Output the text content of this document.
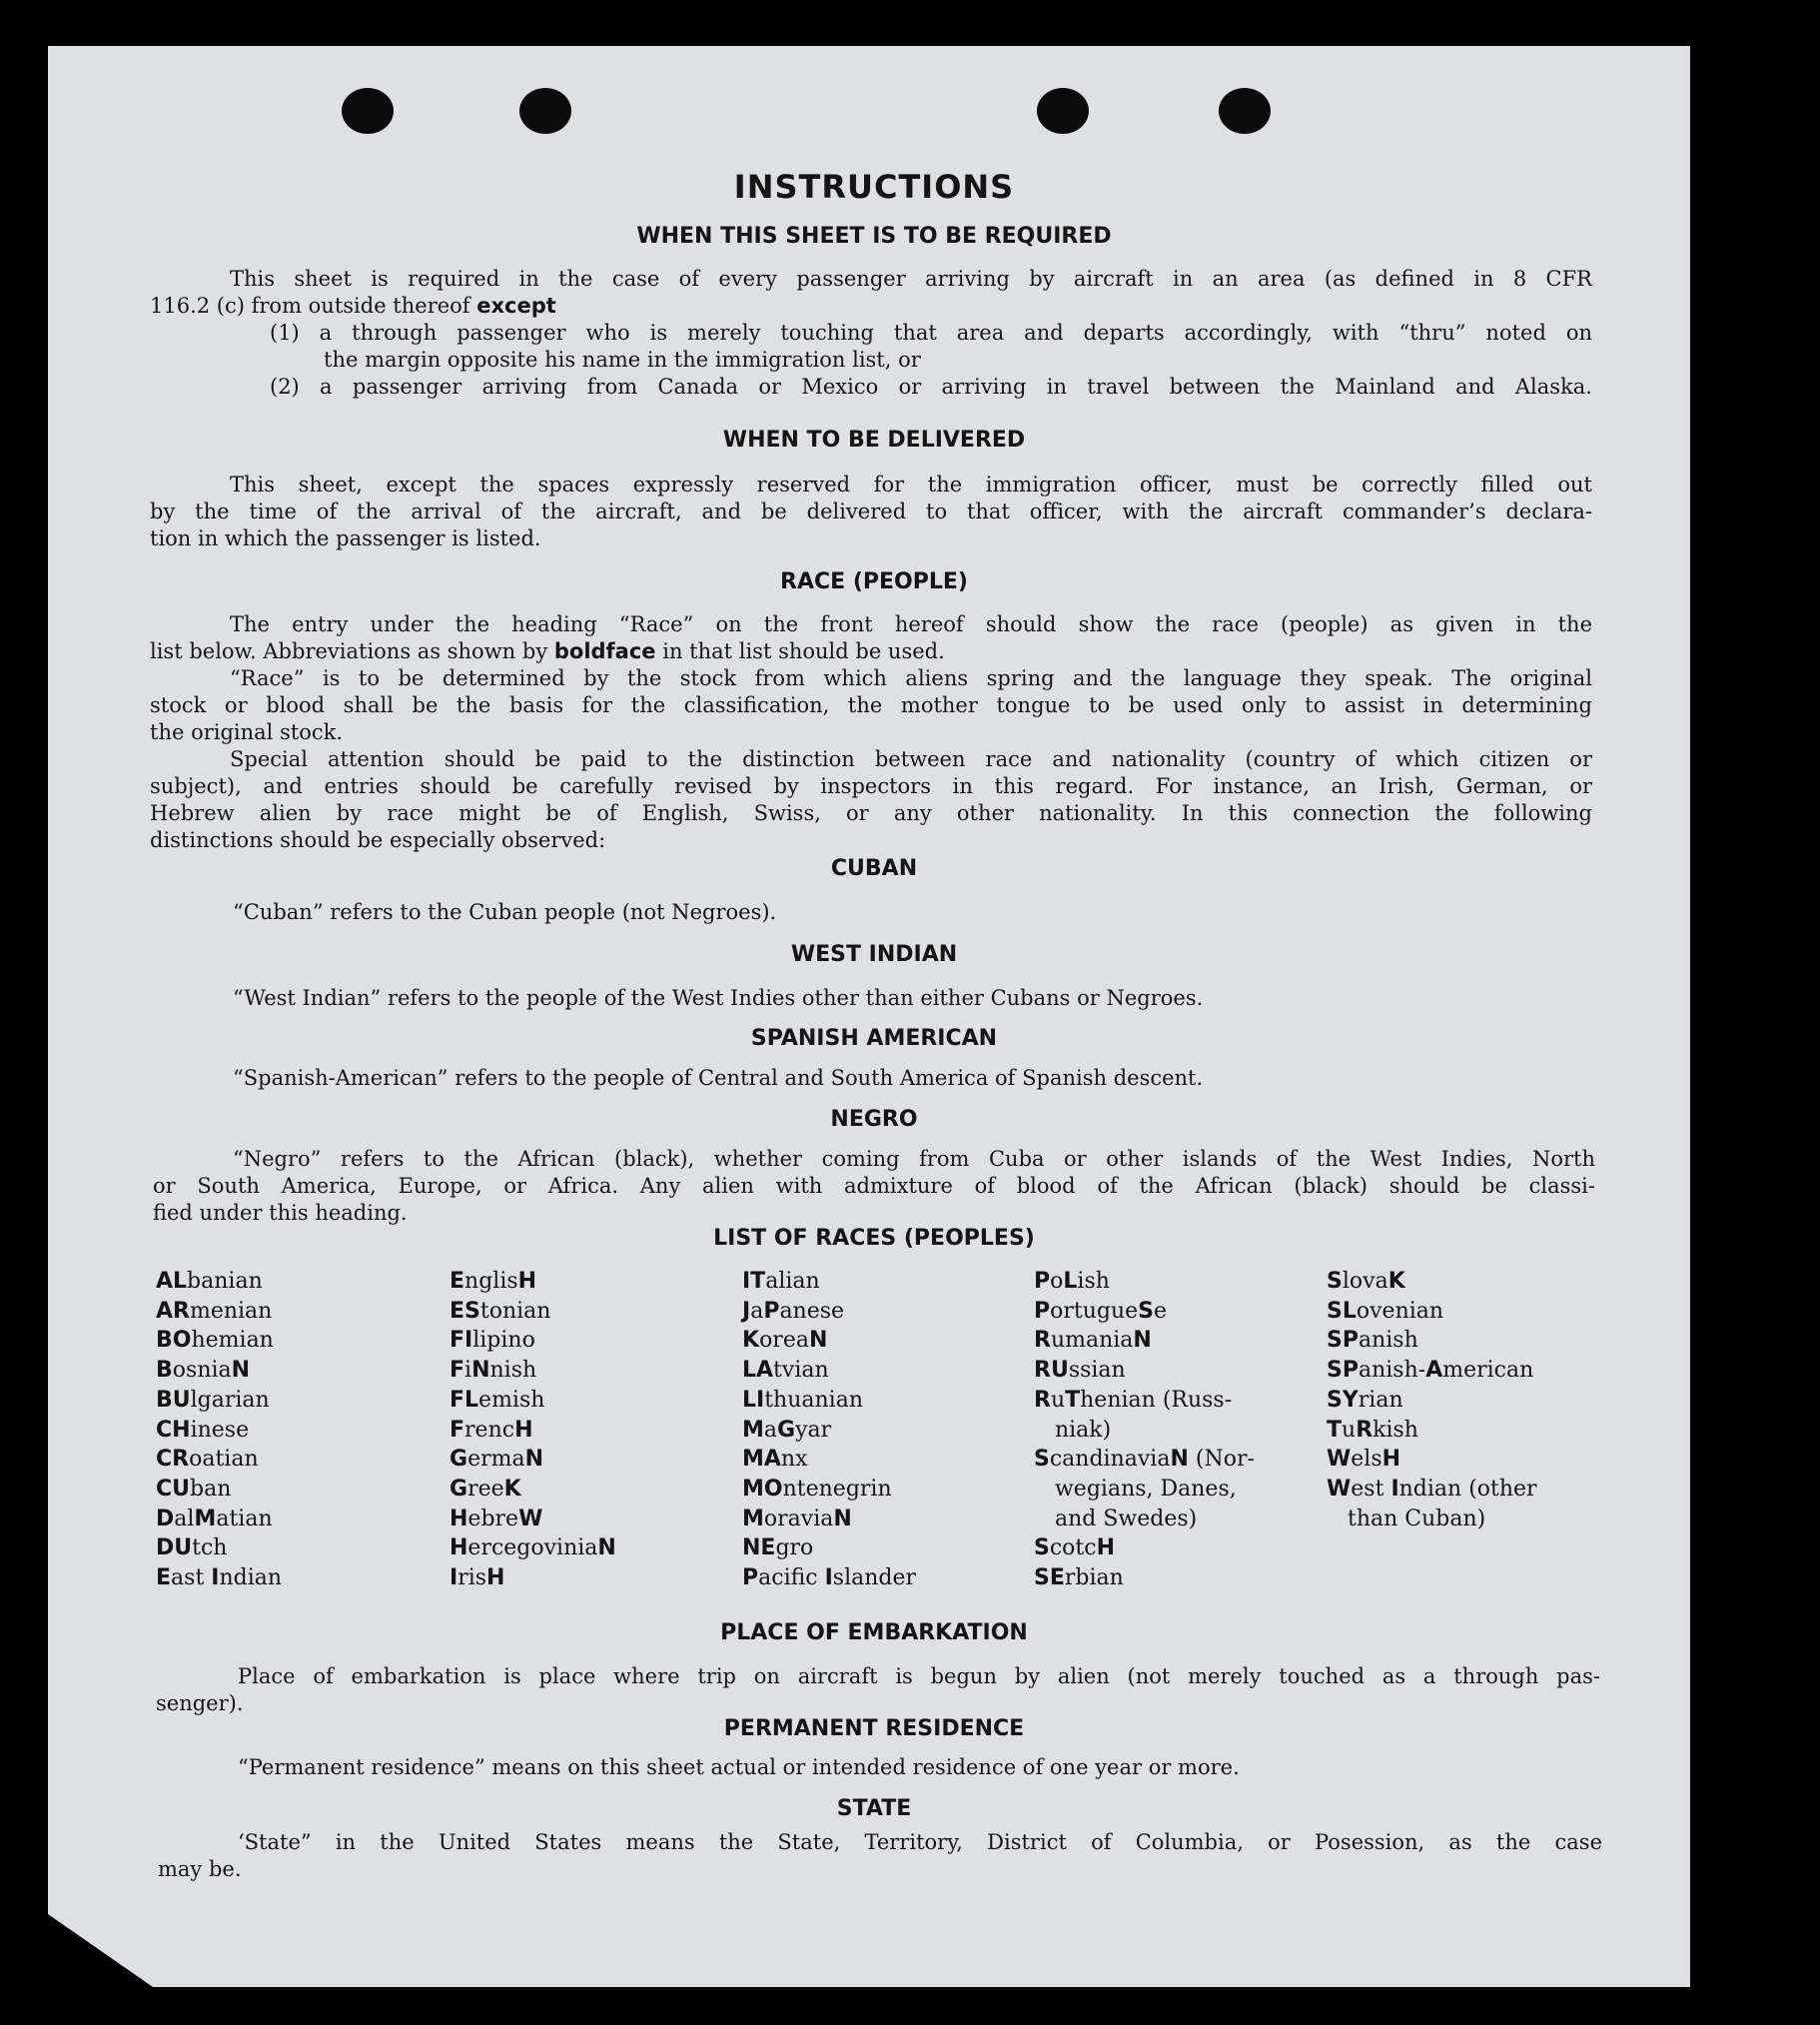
INSTRUCTIONS
WHEN THIS SHEET IS TO BE REQUIRED
This sheet is required in the case of every passenger arriving by aircraft in an area (as defined in 8 CFR
116.2 (c) from outside thereof except
(1) a through passenger who is merely touching that area and departs accordingly, with “thru” noted on
the margin opposite his name in the immigration list, or
(2) a passenger arriving from Canada or Mexico or arriving in travel between the Mainland and Alaska.
WHEN TO BE DELIVERED
This sheet, except the spaces expressly reserved for the immigration officer, must be correctly filled out
by the time of the arrival of the aircraft, and be delivered to that officer, with the aircraft commander’s declara-
tion in which the passenger is listed.
RACE (PEOPLE)
The entry under the heading “Race” on the front hereof should show the race (people) as given in the
list below. Abbreviations as shown by boldface in that list should be used.
“Race” is to be determined by the stock from which aliens spring and the language they speak. The original
stock or blood shall be the basis for the classification, the mother tongue to be used only to assist in determining
the original stock.
Special attention should be paid to the distinction between race and nationality (country of which citizen or
subject), and entries should be carefully revised by inspectors in this regard. For instance, an Irish, German, or
Hebrew alien by race might be of English, Swiss, or any other nationality. In this connection the following
distinctions should be especially observed:
CUBAN
“Cuban” refers to the Cuban people (not Negroes).
WEST INDIAN
“West Indian” refers to the people of the West Indies other than either Cubans or Negroes.
SPANISH AMERICAN
“Spanish-American” refers to the people of Central and South America of Spanish descent.
NEGRO
“Negro” refers to the African (black), whether coming from Cuba or other islands of the West Indies, North
or South America, Europe, or Africa. Any alien with admixture of blood of the African (black) should be classi-
fied under this heading.
LIST OF RACES (PEOPLES)
ALbanian
ARmenian
BOhemian
BosniaN
BUlgarian
CHinese
CRoatian
CUban
DalMatian
DUtch
East Indian
EnglisH
EStonian
FIlipino
FiNnish
FLemish
FrencH
GermaN
GreeK
HebreW
HercegoviniaN
IrisH
ITalian
JaPanese
KoreaN
LAtvian
LIthuanian
MaGyar
MAnx
MOntenegrin
MoraviaN
NEgro
Pacific Islander
PoLish
PortugueSe
RumaniaN
RUssian
RuThenian (Russ-
niak)
ScandinaviaN (Nor-
wegians, Danes,
and Swedes)
ScotcH
SErbian
SlovaK
SLovenian
SPanish
SPanish-American
SYrian
TuRkish
WelsH
West Indian (other
than Cuban)
PLACE OF EMBARKATION
Place of embarkation is place where trip on aircraft is begun by alien (not merely touched as a through pas-
senger).
PERMANENT RESIDENCE
“Permanent residence” means on this sheet actual or intended residence of one year or more.
STATE
‘State” in the United States means the State, Territory, District of Columbia, or Posession, as the case
may be.
